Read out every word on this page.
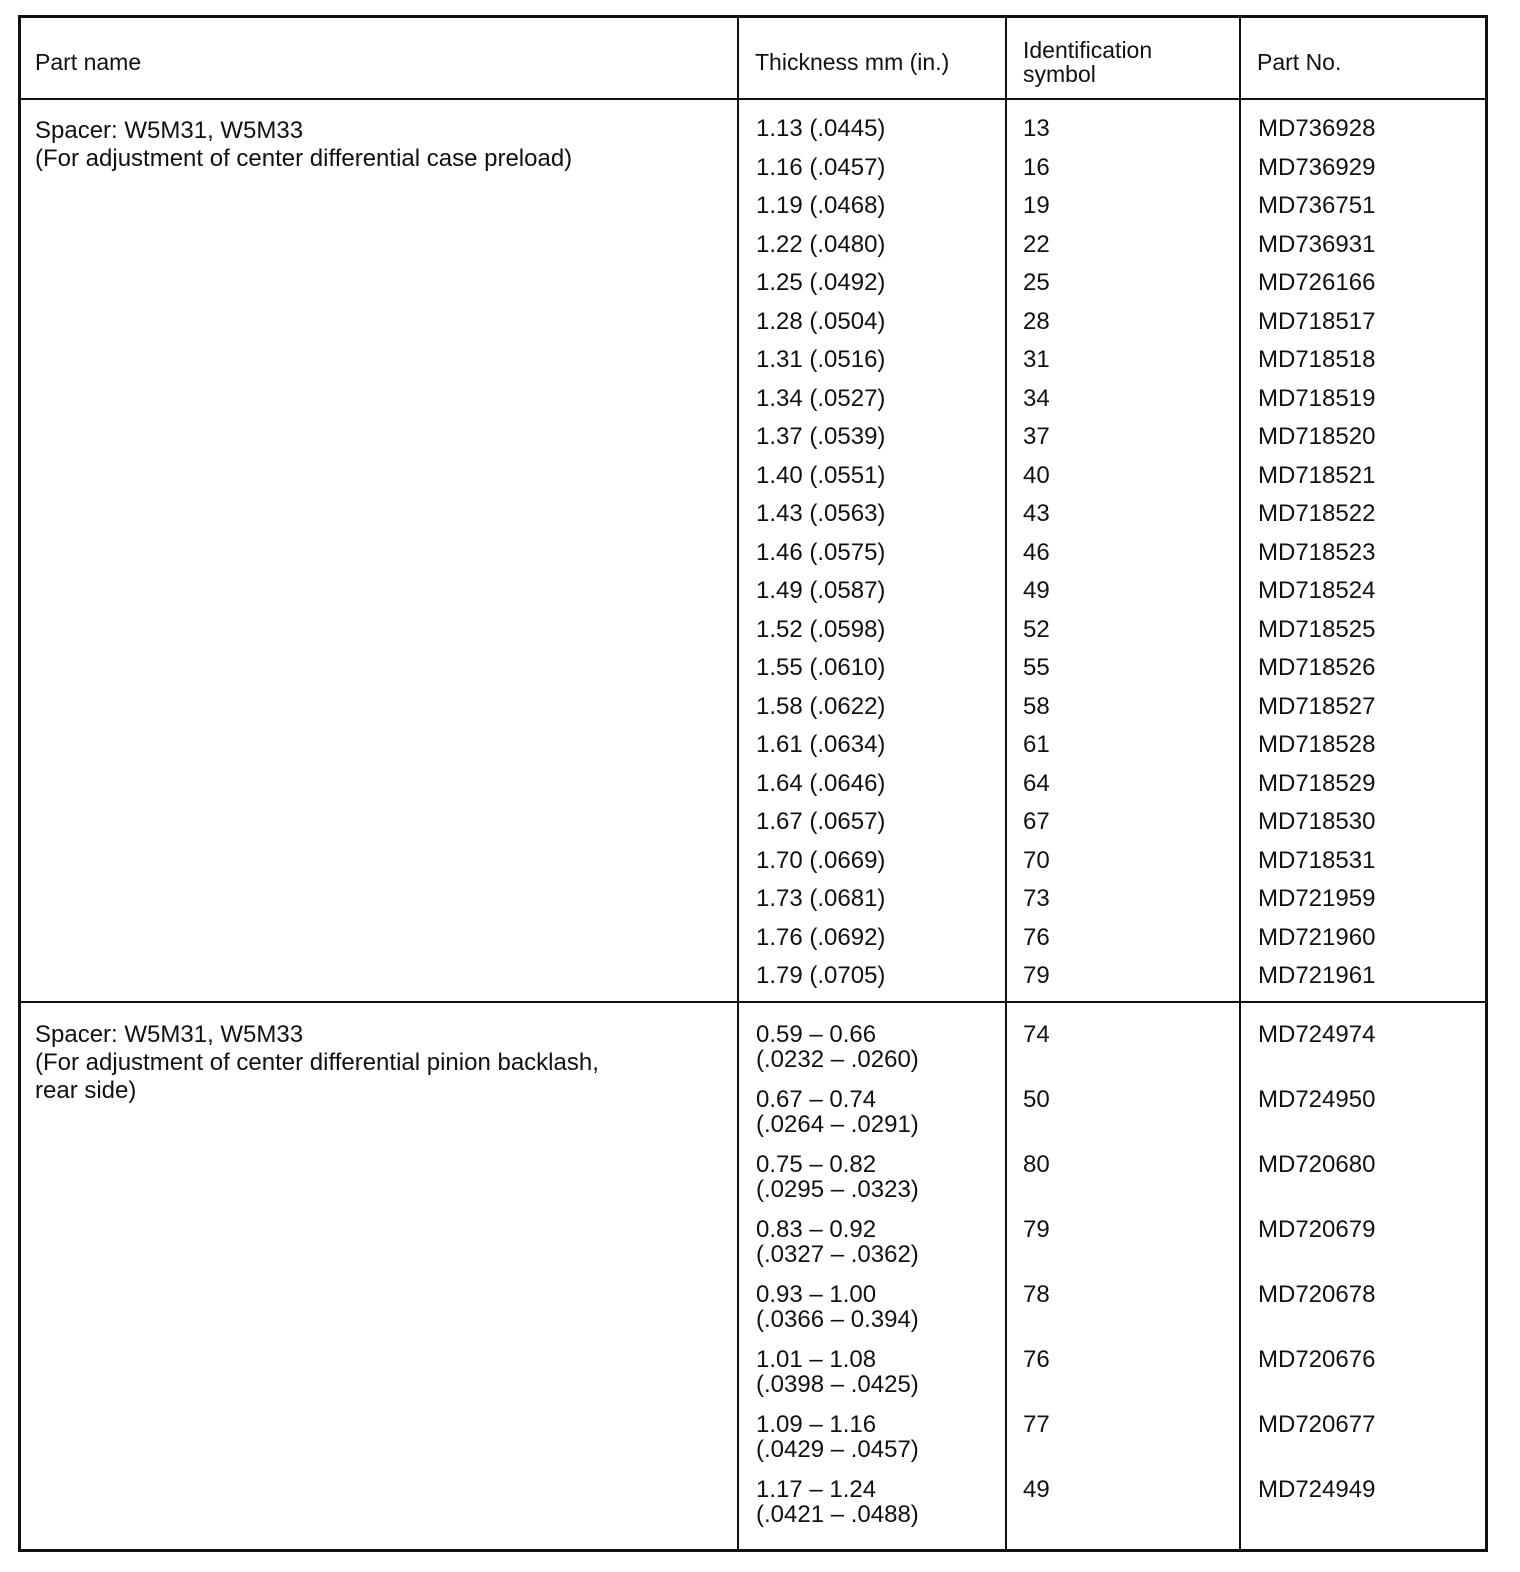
Part name	Thickness mm (in.)	Identification
symbol	Part No.
Spacer: W5M31, W5M33
(For adjustment of center differential case preload)
1.13 (.0445)	13	MD736928
1.16 (.0457)	16	MD736929
1.19 (.0468)	19	MD736751
1.22 (.0480)	22	MD736931
1.25 (.0492)	25	MD726166
1.28 (.0504)	28	MD718517
1.31 (.0516)	31	MD718518
1.34 (.0527)	34	MD718519
1.37 (.0539)	37	MD718520
1.40 (.0551)	40	MD718521
1.43 (.0563)	43	MD718522
1.46 (.0575)	46	MD718523
1.49 (.0587)	49	MD718524
1.52 (.0598)	52	MD718525
1.55 (.0610)	55	MD718526
1.58 (.0622)	58	MD718527
1.61 (.0634)	61	MD718528
1.64 (.0646)	64	MD718529
1.67 (.0657)	67	MD718530
1.70 (.0669)	70	MD718531
1.73 (.0681)	73	MD721959
1.76 (.0692)	76	MD721960
1.79 (.0705)	79	MD721961
Spacer: W5M31, W5M33
(For adjustment of center differential pinion backlash,
rear side)
0.59 – 0.66
(.0232 – .0260)
74	MD724974
0.67 – 0.74
(.0264 – .0291)
50	MD724950
0.75 – 0.82
(.0295 – .0323)
80	MD720680
0.83 – 0.92
(.0327 – .0362)
79	MD720679
0.93 – 1.00
(.0366 – 0.394)
78	MD720678
1.01 – 1.08
(.0398 – .0425)
76	MD720676
1.09 – 1.16
(.0429 – .0457)
77	MD720677
1.17 – 1.24
(.0421 – .0488)
49	MD724949
